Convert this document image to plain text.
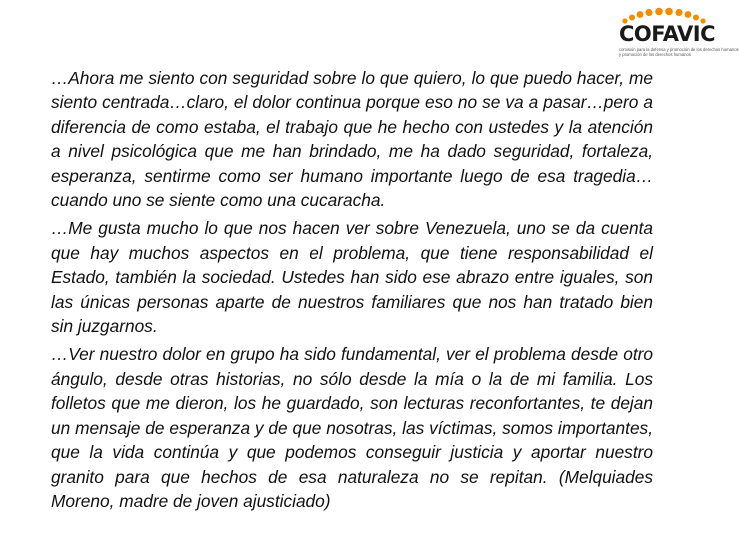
COFAVIC
comisión para la defensa y promoción de los derechos humanos
y promoción de los derechos humanos

…Ahora me siento con seguridad sobre lo que quiero, lo que puedo hacer, me siento centrada…claro, el dolor continua porque eso no se va a pasar…pero a diferencia de como estaba, el trabajo que he hecho con ustedes y la atención a nivel psicológica que me han brindado, me ha dado seguridad, fortaleza, esperanza, sentirme como ser humano importante luego de esa tragedia… cuando uno se siente como una cucaracha.

…Me gusta mucho lo que nos hacen ver sobre Venezuela, uno se da cuenta que hay muchos aspectos en el problema, que tiene responsabilidad el Estado, también la sociedad. Ustedes han sido ese abrazo entre iguales, son las únicas personas aparte de nuestros familiares que nos han tratado bien sin juzgarnos.

…Ver nuestro dolor en grupo ha sido fundamental, ver el problema desde otro ángulo, desde otras historias, no sólo desde la mía o la de mi familia. Los folletos que me dieron, los he guardado, son lecturas reconfortantes, te dejan un mensaje de esperanza y de que nosotras, las víctimas, somos importantes, que la vida continúa y que podemos conseguir justicia y aportar nuestro granito para que hechos de esa naturaleza no se repitan. (Melquiades Moreno, madre de joven ajusticiado)
